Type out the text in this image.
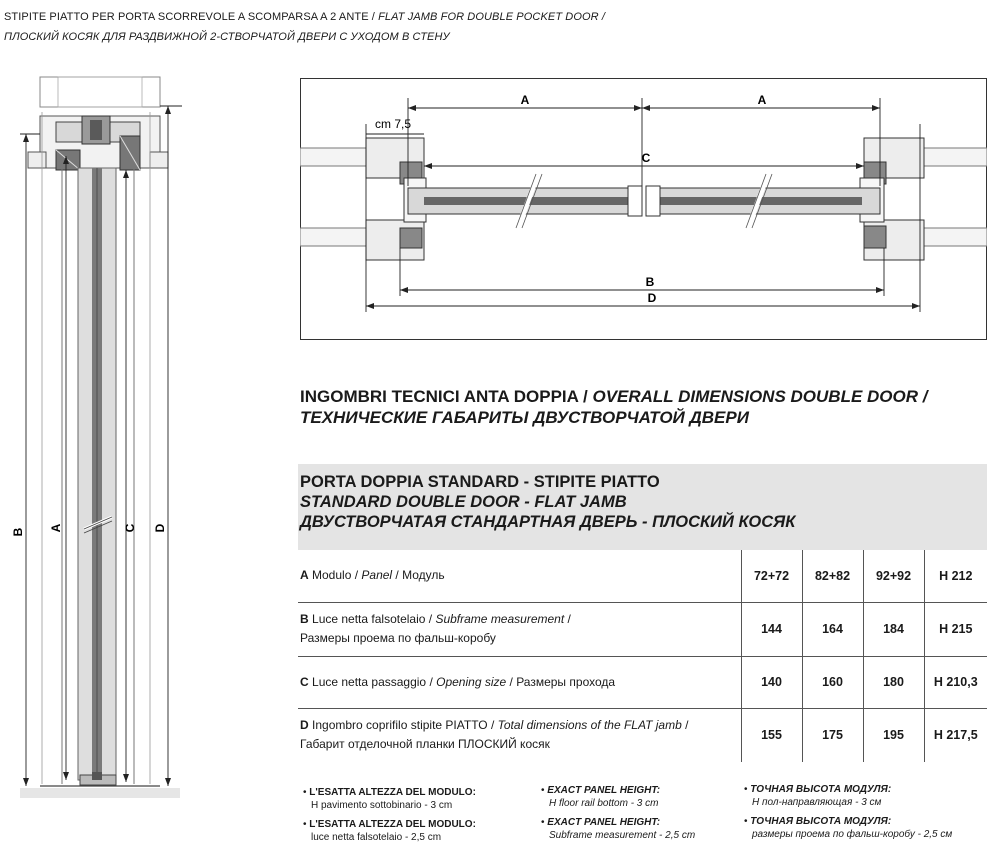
STIPITE PIATTO PER PORTA SCORREVOLE A SCOMPARSA A 2 ANTE / FLAT JAMB FOR DOUBLE POCKET DOOR /
ПЛОСКИЙ КОСЯК ДЛЯ РАЗДВИЖНОЙ 2-СТВОРЧАТОЙ ДВЕРИ С УХОДОМ В СТЕНУ
B A	C D
A	A
cm 7,5
C
B
D
INGOMBRI TECNICI ANTA DOPPIA / OVERALL DIMENSIONS DOUBLE DOOR /
ТЕХНИЧЕСКИЕ ГАБАРИТЫ ДВУСТВОРЧАТОЙ ДВЕРИ
PORTA DOPPIA STANDARD - STIPITE PIATTO
STANDARD DOUBLE DOOR - FLAT JAMB
ДВУСТВОРЧАТАЯ СТАНДАРТНАЯ ДВЕРЬ - ПЛОСКИЙ КОСЯК
A Modulo / Panel / Модуль	72+72	82+82	92+92	H 212
B Luce netta falsotelaio / Subframe measurement /
Размеры проема по фальш-коробу	144	164	184	H 215
C Luce netta passaggio / Opening size / Размеры прохода	140	160	180	H 210,3
D Ingombro coprifilo stipite PIATTO / Total dimensions of the FLAT jamb /
Габарит отделочной планки ПЛОСКИЙ косяк	155	175	195	H 217,5
• L'ESATTA ALTEZZA DEL MODULO:
H pavimento sottobinario - 3 cm
• L'ESATTA ALTEZZA DEL MODULO:
luce netta falsotelaio - 2,5 cm
• EXACT PANEL HEIGHT:
H floor rail bottom - 3 cm
• EXACT PANEL HEIGHT:
Subframe measurement - 2,5 cm
• ТОЧНАЯ ВЫСОТА МОДУЛЯ:
Н пол-направляющая - 3 см
• ТОЧНАЯ ВЫСОТА МОДУЛЯ:
размеры проема по фальш-коробу - 2,5 см
